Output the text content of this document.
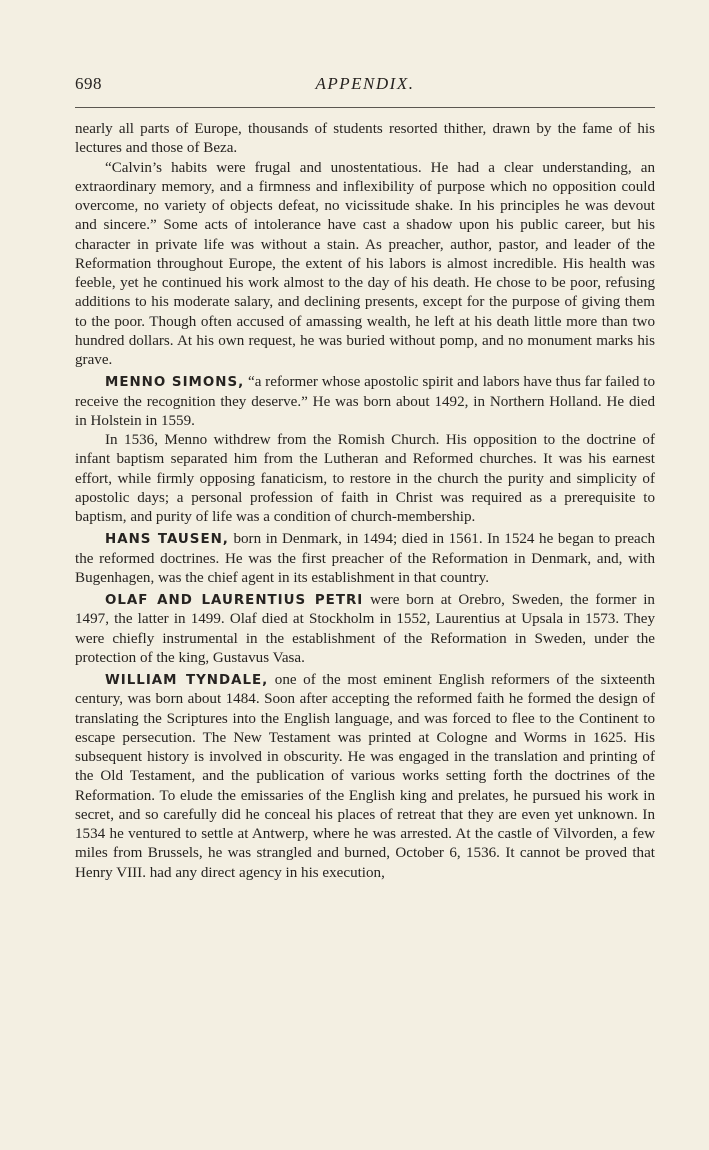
698	APPENDIX.

nearly all parts of Europe, thousands of students resorted thither, drawn by the fame of his lectures and those of Beza.

“Calvin’s habits were frugal and unostentatious. He had a clear understanding, an extraordinary memory, and a firmness and inflexibility of purpose which no opposition could overcome, no variety of objects defeat, no vicissitude shake. In his principles he was devout and sincere.” Some acts of intolerance have cast a shadow upon his public career, but his character in private life was without a stain. As preacher, author, pastor, and leader of the Reformation throughout Europe, the extent of his labors is almost incredible. His health was feeble, yet he continued his work almost to the day of his death. He chose to be poor, refusing additions to his moderate salary, and declining presents, except for the purpose of giving them to the poor. Though often accused of amassing wealth, he left at his death little more than two hundred dollars. At his own request, he was buried without pomp, and no monument marks his grave.

MENNO SIMONS, “a reformer whose apostolic spirit and labors have thus far failed to receive the recognition they deserve.” He was born about 1492, in Northern Holland. He died in Holstein in 1559.

In 1536, Menno withdrew from the Romish Church. His opposition to the doctrine of infant baptism separated him from the Lutheran and Reformed churches. It was his earnest effort, while firmly opposing fanaticism, to restore in the church the purity and simplicity of apostolic days; a personal profession of faith in Christ was required as a prerequisite to baptism, and purity of life was a condition of church-membership.

HANS TAUSEN, born in Denmark, in 1494; died in 1561. In 1524 he began to preach the reformed doctrines. He was the first preacher of the Reformation in Denmark, and, with Bugenhagen, was the chief agent in its establishment in that country.

OLAF AND LAURENTIUS PETRI were born at Orebro, Sweden, the former in 1497, the latter in 1499. Olaf died at Stockholm in 1552, Laurentius at Upsala in 1573. They were chiefly instrumental in the establishment of the Reformation in Sweden, under the protection of the king, Gustavus Vasa.

WILLIAM TYNDALE, one of the most eminent English reformers of the sixteenth century, was born about 1484. Soon after accepting the reformed faith he formed the design of translating the Scriptures into the English language, and was forced to flee to the Continent to escape persecution. The New Testament was printed at Cologne and Worms in 1625. His subsequent history is involved in obscurity. He was engaged in the translation and printing of the Old Testament, and the publication of various works setting forth the doctrines of the Reformation. To elude the emissaries of the English king and prelates, he pursued his work in secret, and so carefully did he conceal his places of retreat that they are even yet unknown. In 1534 he ventured to settle at Antwerp, where he was arrested. At the castle of Vilvorden, a few miles from Brussels, he was strangled and burned, October 6, 1536. It cannot be proved that Henry VIII. had any direct agency in his execution,
